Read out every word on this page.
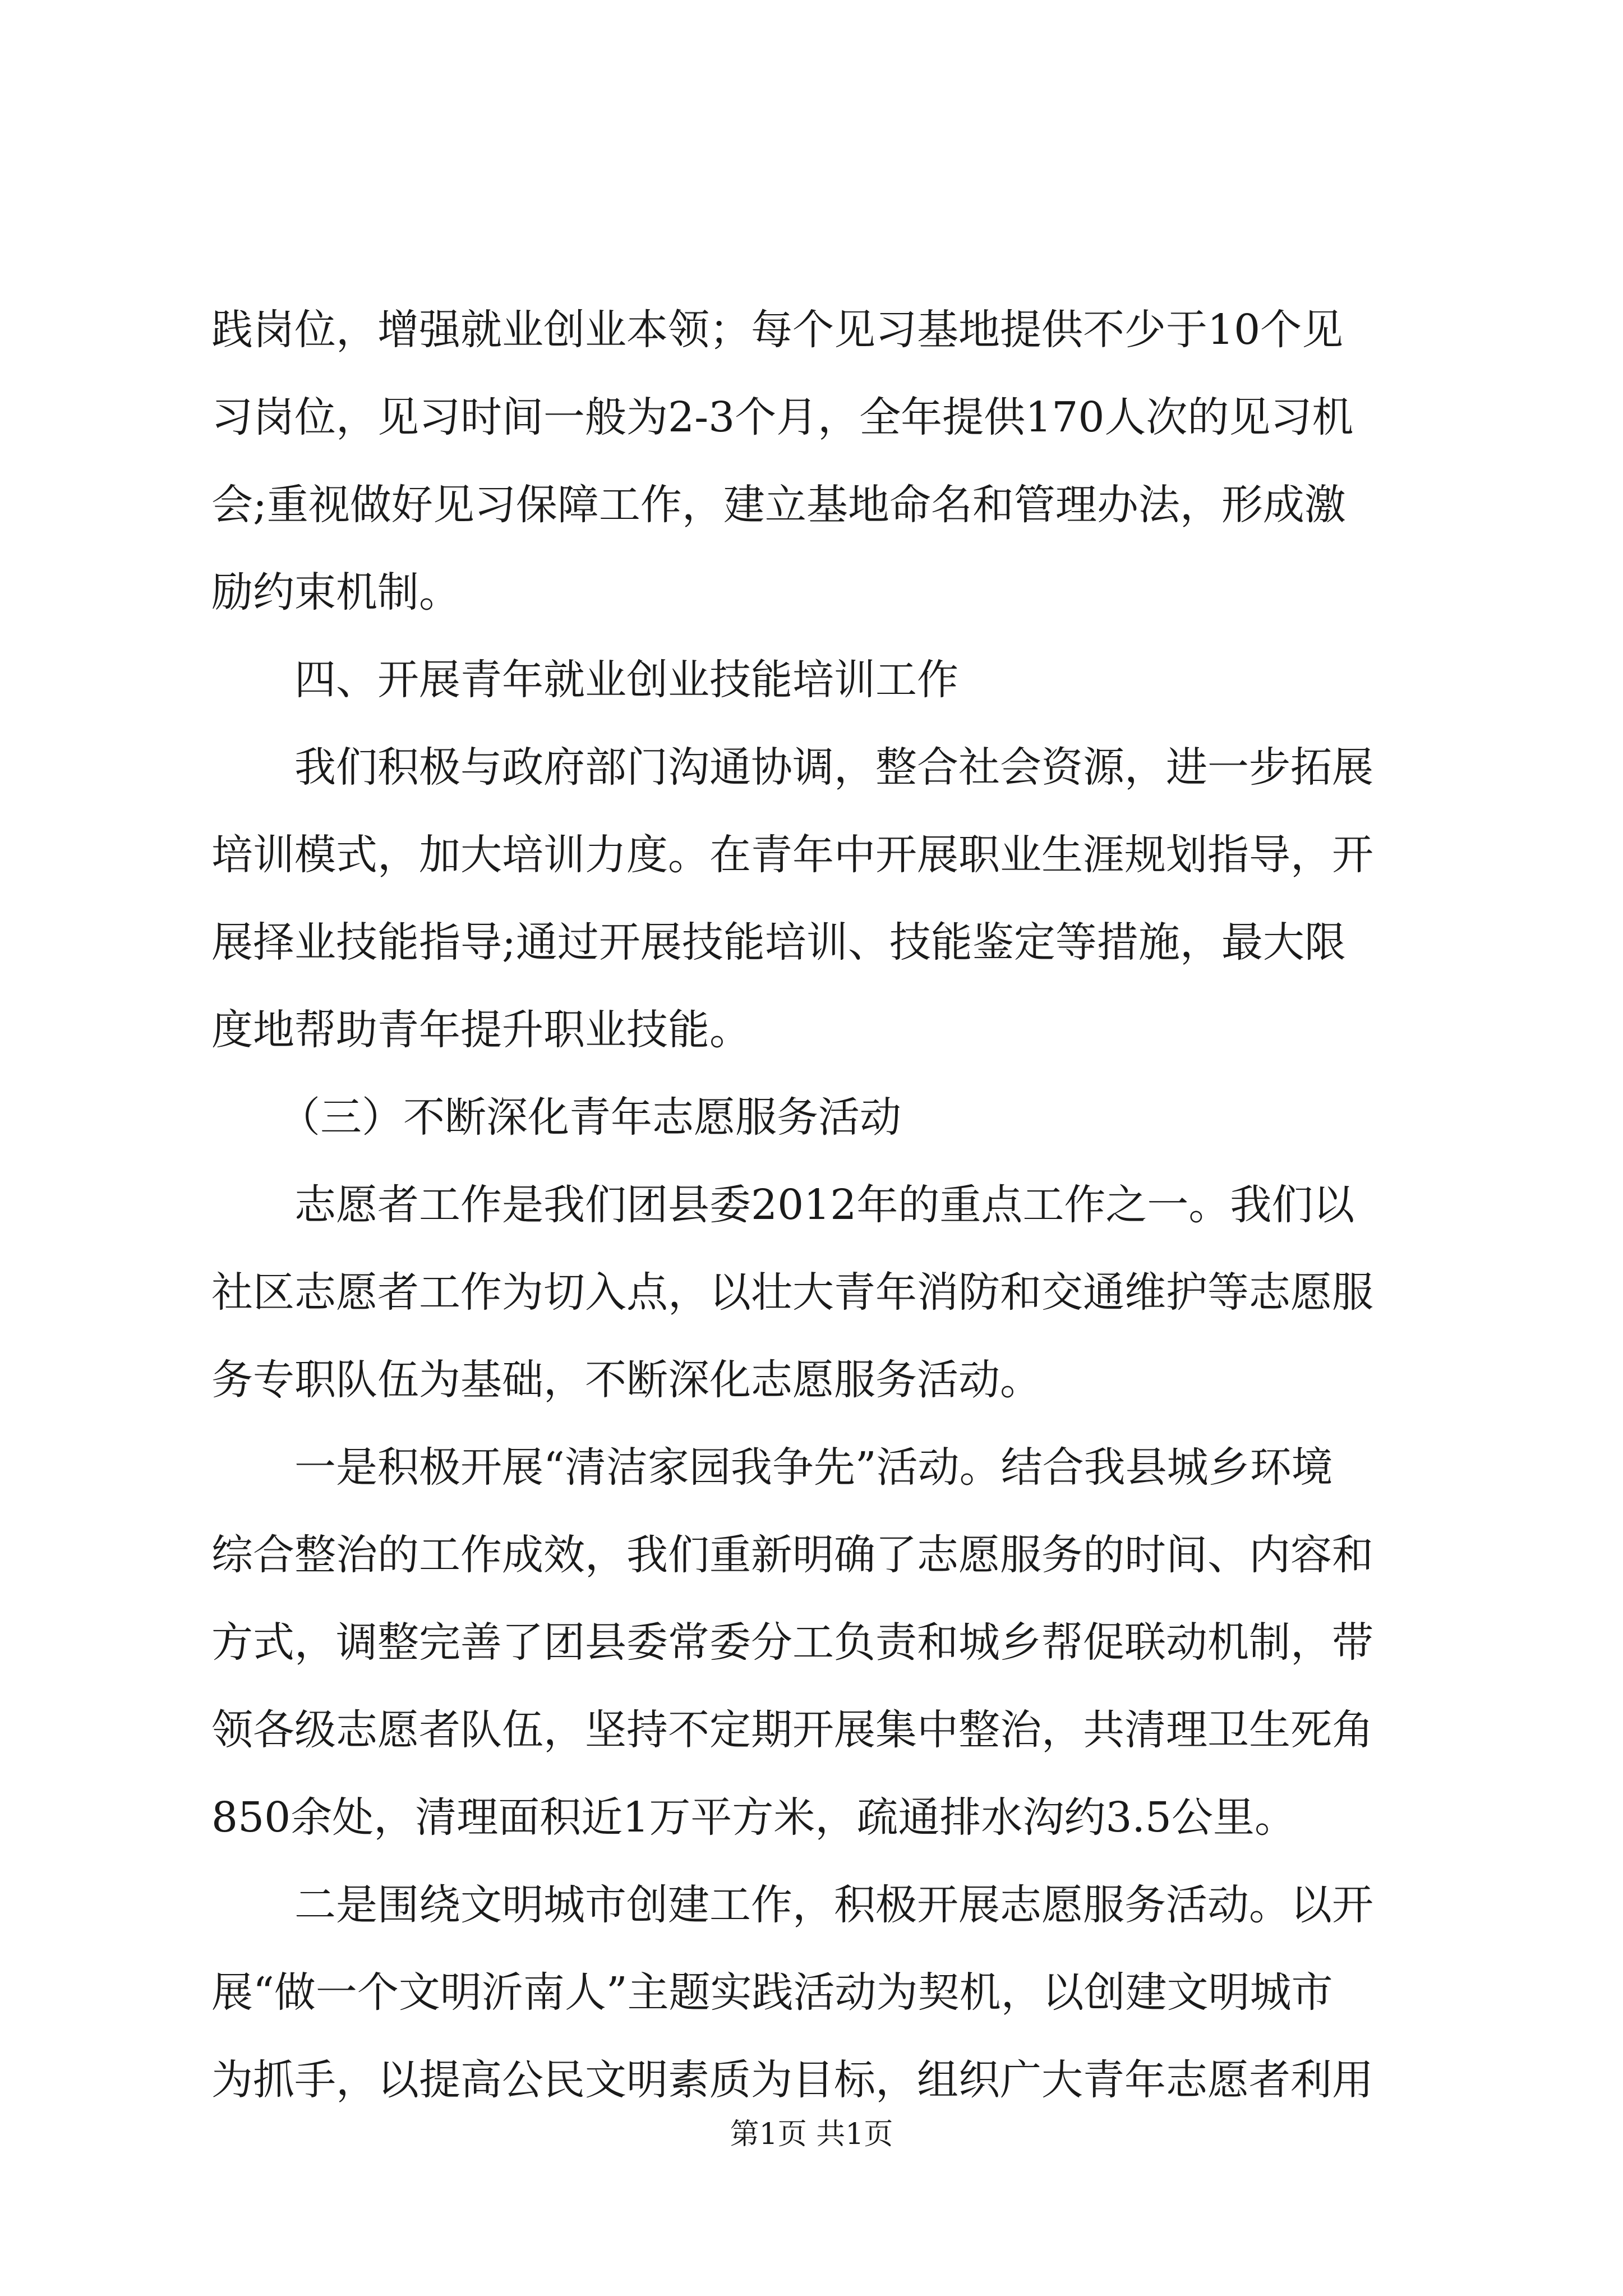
践岗位，增强就业创业本领；每个见习基地提供不少于10个见

习岗位，见习时间一般为2-3个月，全年提供170人次的见习机

会;重视做好见习保障工作，建立基地命名和管理办法，形成激

励约束机制。

四、开展青年就业创业技能培训工作

我们积极与政府部门沟通协调，整合社会资源，进一步拓展

培训模式，加大培训力度。在青年中开展职业生涯规划指导，开

展择业技能指导;通过开展技能培训、技能鉴定等措施，最大限

度地帮助青年提升职业技能。

（三）不断深化青年志愿服务活动

志愿者工作是我们团县委2012年的重点工作之一。我们以

社区志愿者工作为切入点，以壮大青年消防和交通维护等志愿服

务专职队伍为基础，不断深化志愿服务活动。

一是积极开展“清洁家园我争先”活动。结合我县城乡环境

综合整治的工作成效，我们重新明确了志愿服务的时间、内容和

方式，调整完善了团县委常委分工负责和城乡帮促联动机制，带

领各级志愿者队伍，坚持不定期开展集中整治，共清理卫生死角

850余处，清理面积近1万平方米，疏通排水沟约3.5公里。

二是围绕文明城市创建工作，积极开展志愿服务活动。以开

展“做一个文明沂南人”主题实践活动为契机，以创建文明城市

为抓手，以提高公民文明素质为目标，组织广大青年志愿者利用

第1页 共1页
